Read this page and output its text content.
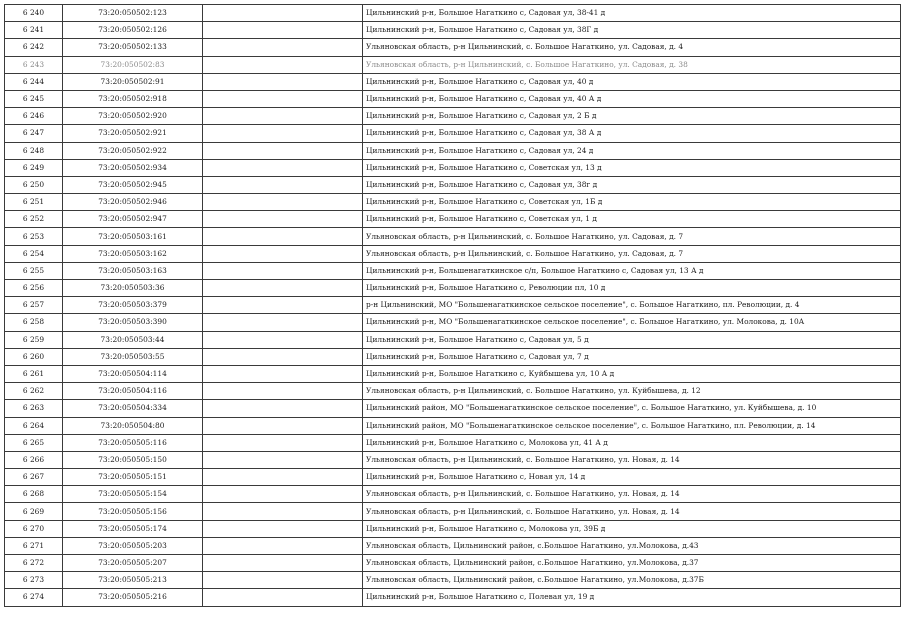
6 240	73:20:050502:123		Цильнинский р-н, Большое Нагаткино с, Садовая ул, 38-41 д
6 241	73:20:050502:126		Цильнинский р-н, Большое Нагаткино с, Садовая ул, 38Г д
6 242	73:20:050502:133		Ульяновская область, р-н Цильнинский, с. Большое Нагаткино, ул. Садовая, д. 4
6 243	73:20:050502:83		Ульяновская область, р-н Цильнинский, с. Большое Нагаткино, ул. Садовая, д. 38
6 244	73:20:050502:91		Цильнинский р-н, Большое Нагаткино с, Садовая ул, 40 д
6 245	73:20:050502:918		Цильнинский р-н, Большое Нагаткино с, Садовая ул, 40 А д
6 246	73:20:050502:920		Цильнинский р-н, Большое Нагаткино с, Садовая ул, 2 Б д
6 247	73:20:050502:921		Цильнинский р-н, Большое Нагаткино с, Садовая ул, 38 А д
6 248	73:20:050502:922		Цильнинский р-н, Большое Нагаткино с, Садовая ул, 24 д
6 249	73:20:050502:934		Цильнинский р-н, Большое Нагаткино с, Советская ул, 13 д
6 250	73:20:050502:945		Цильнинский р-н, Большое Нагаткино с, Садовая ул, 38г д
6 251	73:20:050502:946		Цильнинский р-н, Большое Нагаткино с, Советская ул, 1Б д
6 252	73:20:050502:947		Цильнинский р-н, Большое Нагаткино с, Советская ул, 1 д
6 253	73:20:050503:161		Ульяновская область, р-н Цильнинский, с. Большое Нагаткино, ул. Садовая, д. 7
6 254	73:20:050503:162		Ульяновская область, р-н Цильнинский, с. Большое Нагаткино, ул. Садовая, д. 7
6 255	73:20:050503:163		Цильнинский р-н, Большенагаткинское с/п, Большое Нагаткино с, Садовая ул, 13 А д
6 256	73:20:050503:36		Цильнинский р-н, Большое Нагаткино с, Революции пл, 10 д
6 257	73:20:050503:379		р-н Цильнинский, МО "Большенагаткинское сельское поселение", с. Большое Нагаткино, пл. Революции, д. 4
6 258	73:20:050503:390		Цильнинский р-н, МО "Большенагаткинское сельское поселение", с. Большое Нагаткино, ул. Молокова, д. 10А
6 259	73:20:050503:44		Цильнинский р-н, Большое Нагаткино с, Садовая ул, 5 д
6 260	73:20:050503:55		Цильнинский р-н, Большое Нагаткино с, Садовая ул, 7 д
6 261	73:20:050504:114		Цильнинский р-н, Большое Нагаткино с, Куйбышева ул, 10 А д
6 262	73:20:050504:116		Ульяновская область, р-н Цильнинский, с. Большое Нагаткино, ул. Куйбышева, д. 12
6 263	73:20:050504:334		Цильнинский район, МО "Большенагаткинское сельское поселение", с. Большое Нагаткино, ул. Куйбышева, д. 10
6 264	73:20:050504:80		Цильнинский район, МО "Большенагаткинское сельское поселение", с. Большое Нагаткино, пл. Революции, д. 14
6 265	73:20:050505:116		Цильнинский р-н, Большое Нагаткино с, Молокова ул, 41 А д
6 266	73:20:050505:150		Ульяновская область, р-н Цильнинский, с. Большое Нагаткино, ул. Новая, д. 14
6 267	73:20:050505:151		Цильнинский р-н, Большое Нагаткино с, Новая ул, 14 д
6 268	73:20:050505:154		Ульяновская область, р-н Цильнинский, с. Большое Нагаткино, ул. Новая, д. 14
6 269	73:20:050505:156		Ульяновская область, р-н Цильнинский, с. Большое Нагаткино, ул. Новая, д. 14
6 270	73:20:050505:174		Цильнинский р-н, Большое Нагаткино с, Молокова ул, 39Б д
6 271	73:20:050505:203		Ульяновская область, Цильнинский район, с.Большое Нагаткино, ул.Молокова, д.43
6 272	73:20:050505:207		Ульяновская область, Цильнинский район, с.Большое Нагаткино, ул.Молокова, д.37
6 273	73:20:050505:213		Ульяновская область, Цильнинский район, с.Большое Нагаткино, ул.Молокова, д.37Б
6 274	73:20:050505:216		Цильнинский р-н, Большое Нагаткино с, Полевая ул, 19 д
